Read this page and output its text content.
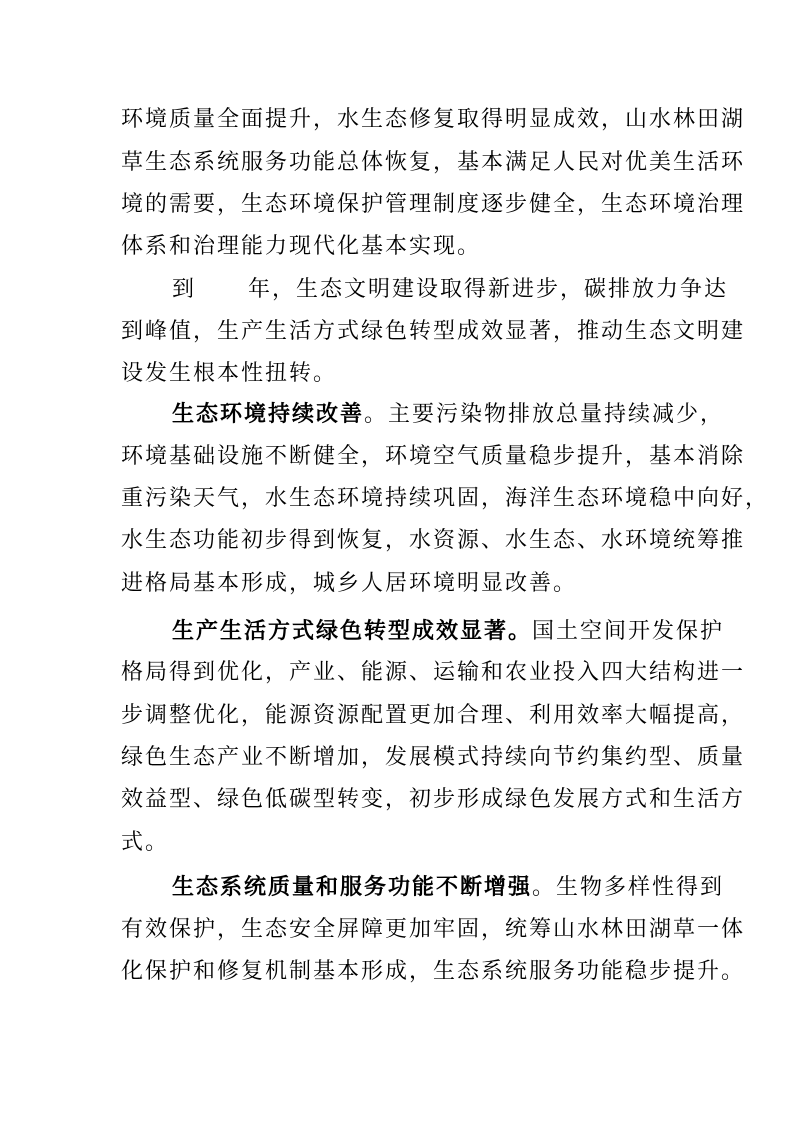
环境质量全面提升，水生态修复取得明显成效，山水林田湖
草生态系统服务功能总体恢复，基本满足人民对优美生活环
境的需要，生态环境保护管理制度逐步健全，生态环境治理
体系和治理能力现代化基本实现。
到 年，生态文明建设取得新进步，碳排放力争达
到峰值，生产生活方式绿色转型成效显著，推动生态文明建
设发生根本性扭转。
生态环境持续改善。主要污染物排放总量持续减少，
环境基础设施不断健全，环境空气质量稳步提升，基本消除
重污染天气，水生态环境持续巩固，海洋生态环境稳中向好，
水生态功能初步得到恢复，水资源、水生态、水环境统筹推
进格局基本形成，城乡人居环境明显改善。
生产生活方式绿色转型成效显著。国土空间开发保护
格局得到优化，产业、能源、运输和农业投入四大结构进一
步调整优化，能源资源配置更加合理、利用效率大幅提高，
绿色生态产业不断增加，发展模式持续向节约集约型、质量
效益型、绿色低碳型转变，初步形成绿色发展方式和生活方
式。
生态系统质量和服务功能不断增强。生物多样性得到
有效保护，生态安全屏障更加牢固，统筹山水林田湖草一体
化保护和修复机制基本形成，生态系统服务功能稳步提升。
